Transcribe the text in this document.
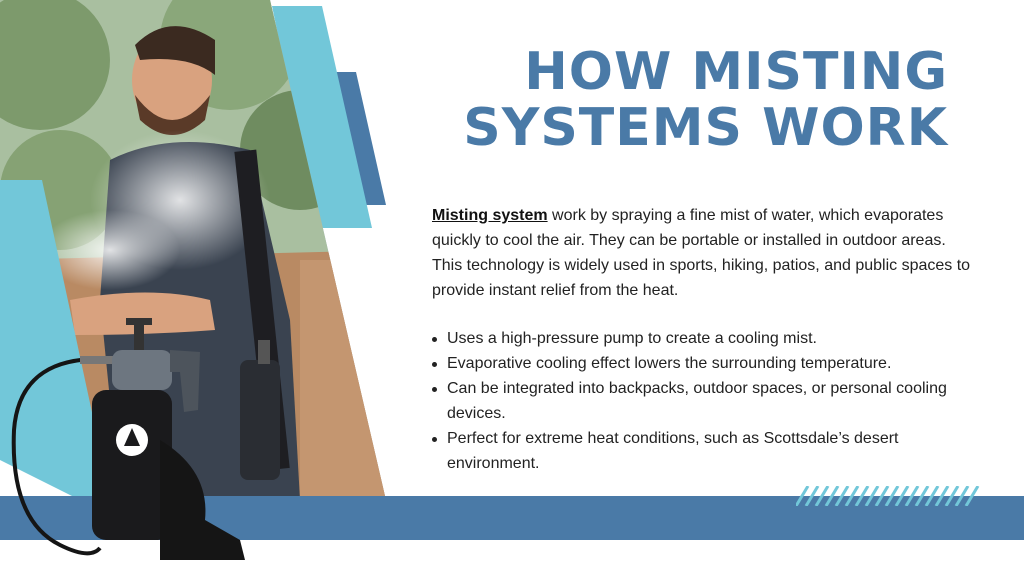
HOW MISTING
SYSTEMS WORK
Misting system work by spraying a fine mist of water, which evaporates quickly to cool the air. They can be portable or installed in outdoor areas. This technology is widely used in sports, hiking, patios, and public spaces to provide instant relief from the heat.
Uses a high-pressure pump to create a cooling mist.
Evaporative cooling effect lowers the surrounding temperature.
Can be integrated into backpacks, outdoor spaces, or personal cooling devices.
Perfect for extreme heat conditions, such as Scottsdale’s desert environment.
